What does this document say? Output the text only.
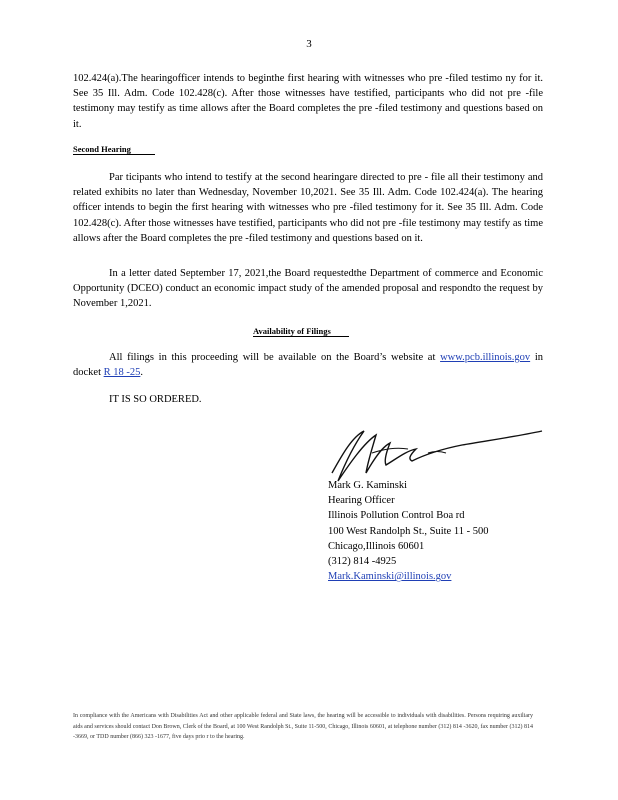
3
102.424(a).The hearingofficer intends to beginthe first hearing with witnesses who pre -filed testimo ny for it. See 35 Ill. Adm. Code 102.428(c). After those witnesses have testified, participants who did not pre -file testimony may testify as time allows after the Board completes the pre -filed testimony and questions based on it.
Second Hearing
Par ticipants who intend to testify at the second hearingare directed to pre - file all their testimony and related exhibits no later than Wednesday, November 10,2021. See 35 Ill. Adm. Code 102.424(a). The hearing officer intends to begin the first hearing with witnesses who pre -filed testimony for it. See 35 Ill. Adm. Code 102.428(c). After those witnesses have testified, participants who did not pre -file testimony may testify as time allows after the Board completes the pre -filed testimony and questions based on it.
In a letter dated September 17, 2021,the Board requestedthe Department of commerce and Economic Opportunity (DCEO) conduct an economic impact study of the amended proposal and respondto the request by November 1,2021.
Availability of Filings
All filings in this proceeding will be available on the Board’s website at www.pcb.illinois.gov in docket R 18 -25.
IT IS SO ORDERED.
Mark G. Kaminski
Hearing Officer
Illinois Pollution Control Boa rd
100 West Randolph St., Suite 11 - 500
Chicago,Illinois 60601
(312) 814 -4925
Mark.Kaminski@illinois.gov
In compliance with the Americans with Disabilities Act and other applicable federal and State laws, the hearing will be accessible to individuals with disabilities. Persons requiring auxiliary aids and services should contact Don Brown, Clerk of the Board, at 100 West Randolph St., Suite 11-500, Chicago, Illinois 60601, at telephone number (312) 814 -3620, fax number (312) 814 -3669, or TDD number (866) 323 -1677, five days prio r to the hearing.
